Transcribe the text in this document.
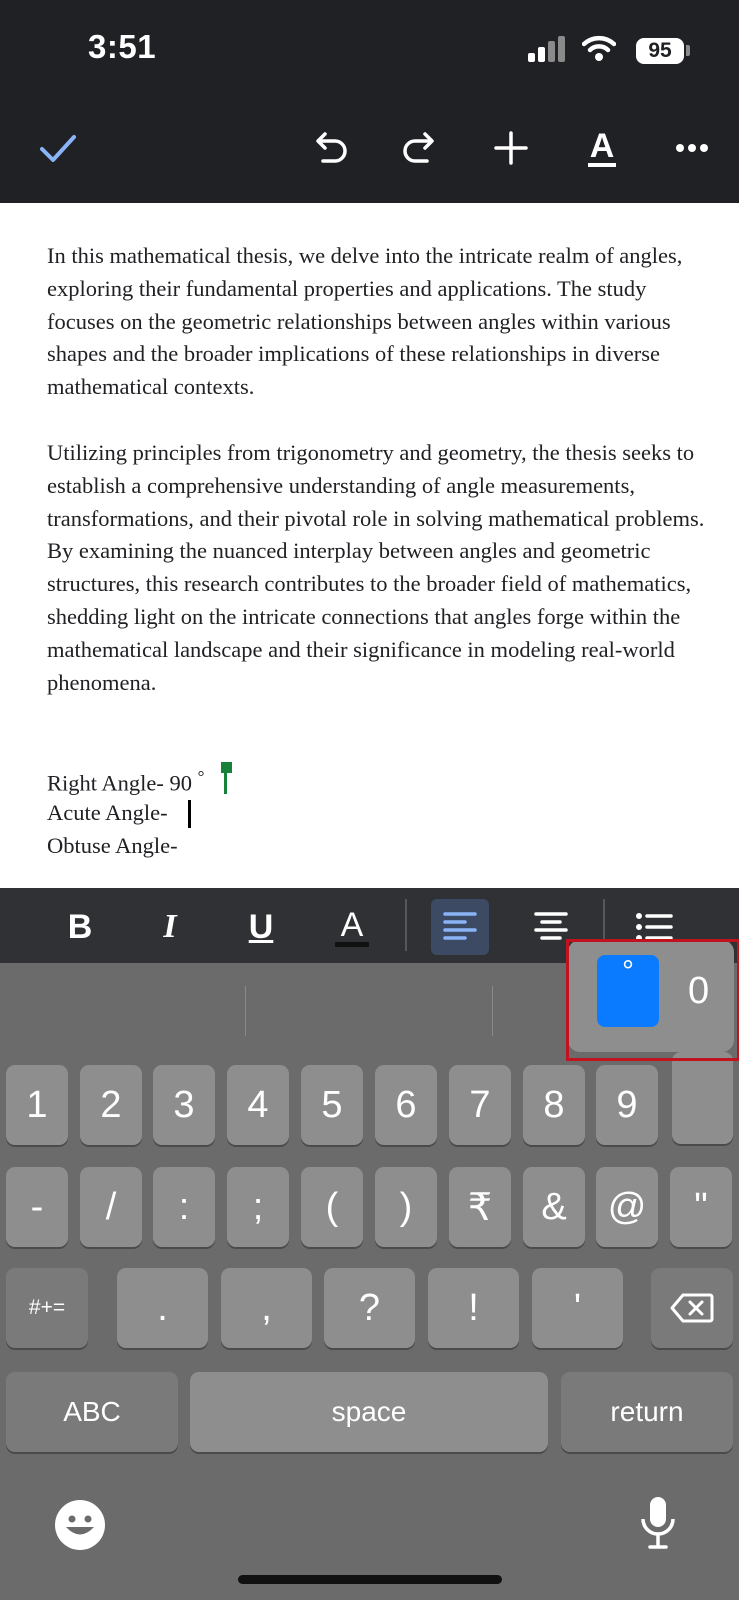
3:51	95
A
In this mathematical thesis, we delve into the intricate realm of angles, exploring their fundamental properties and applications. The study focuses on the geometric relationships between angles within various shapes and the broader implications of these relationships in diverse mathematical contexts.
Utilizing principles from trigonometry and geometry, the thesis seeks to establish a comprehensive understanding of angle measurements, transformations, and their pivotal role in solving mathematical problems. By examining the nuanced interplay between angles and geometric structures, this research contributes to the broader field of mathematics, shedding light on the intricate connections that angles forge within the mathematical landscape and their significance in modeling real-world phenomena.
Right Angle- 90 °
Acute Angle-
Obtuse Angle-
B I U A
1	2	3	4	5	6	7	8	9
-	/	:	;	(	)	₹	&	@	"
#+=	.	,	?	!	'
ABC	space	return
°	0
